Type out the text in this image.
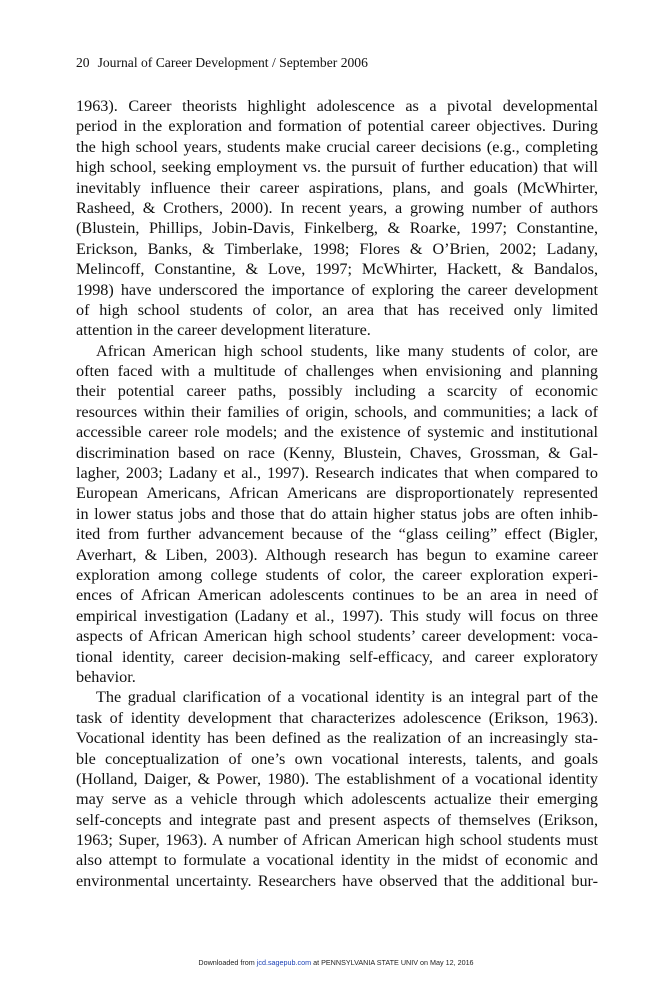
20 Journal of Career Development / September 2006
1963). Career theorists highlight adolescence as a pivotal developmental
period in the exploration and formation of potential career objectives. During
the high school years, students make crucial career decisions (e.g., completing
high school, seeking employment vs. the pursuit of further education) that will
inevitably influence their career aspirations, plans, and goals (McWhirter,
Rasheed, & Crothers, 2000). In recent years, a growing number of authors
(Blustein, Phillips, Jobin-Davis, Finkelberg, & Roarke, 1997; Constantine,
Erickson, Banks, & Timberlake, 1998; Flores & O’Brien, 2002; Ladany,
Melincoff, Constantine, & Love, 1997; McWhirter, Hackett, & Bandalos,
1998) have underscored the importance of exploring the career development
of high school students of color, an area that has received only limited
attention in the career development literature.
African American high school students, like many students of color, are
often faced with a multitude of challenges when envisioning and planning
their potential career paths, possibly including a scarcity of economic
resources within their families of origin, schools, and communities; a lack of
accessible career role models; and the existence of systemic and institutional
discrimination based on race (Kenny, Blustein, Chaves, Grossman, & Gal-
lagher, 2003; Ladany et al., 1997). Research indicates that when compared to
European Americans, African Americans are disproportionately represented
in lower status jobs and those that do attain higher status jobs are often inhib-
ited from further advancement because of the “glass ceiling” effect (Bigler,
Averhart, & Liben, 2003). Although research has begun to examine career
exploration among college students of color, the career exploration experi-
ences of African American adolescents continues to be an area in need of
empirical investigation (Ladany et al., 1997). This study will focus on three
aspects of African American high school students’ career development: voca-
tional identity, career decision-making self-efficacy, and career exploratory
behavior.
The gradual clarification of a vocational identity is an integral part of the
task of identity development that characterizes adolescence (Erikson, 1963).
Vocational identity has been defined as the realization of an increasingly sta-
ble conceptualization of one’s own vocational interests, talents, and goals
(Holland, Daiger, & Power, 1980). The establishment of a vocational identity
may serve as a vehicle through which adolescents actualize their emerging
self-concepts and integrate past and present aspects of themselves (Erikson,
1963; Super, 1963). A number of African American high school students must
also attempt to formulate a vocational identity in the midst of economic and
environmental uncertainty. Researchers have observed that the additional bur-
Downloaded from jcd.sagepub.com at PENNSYLVANIA STATE UNIV on May 12, 2016
